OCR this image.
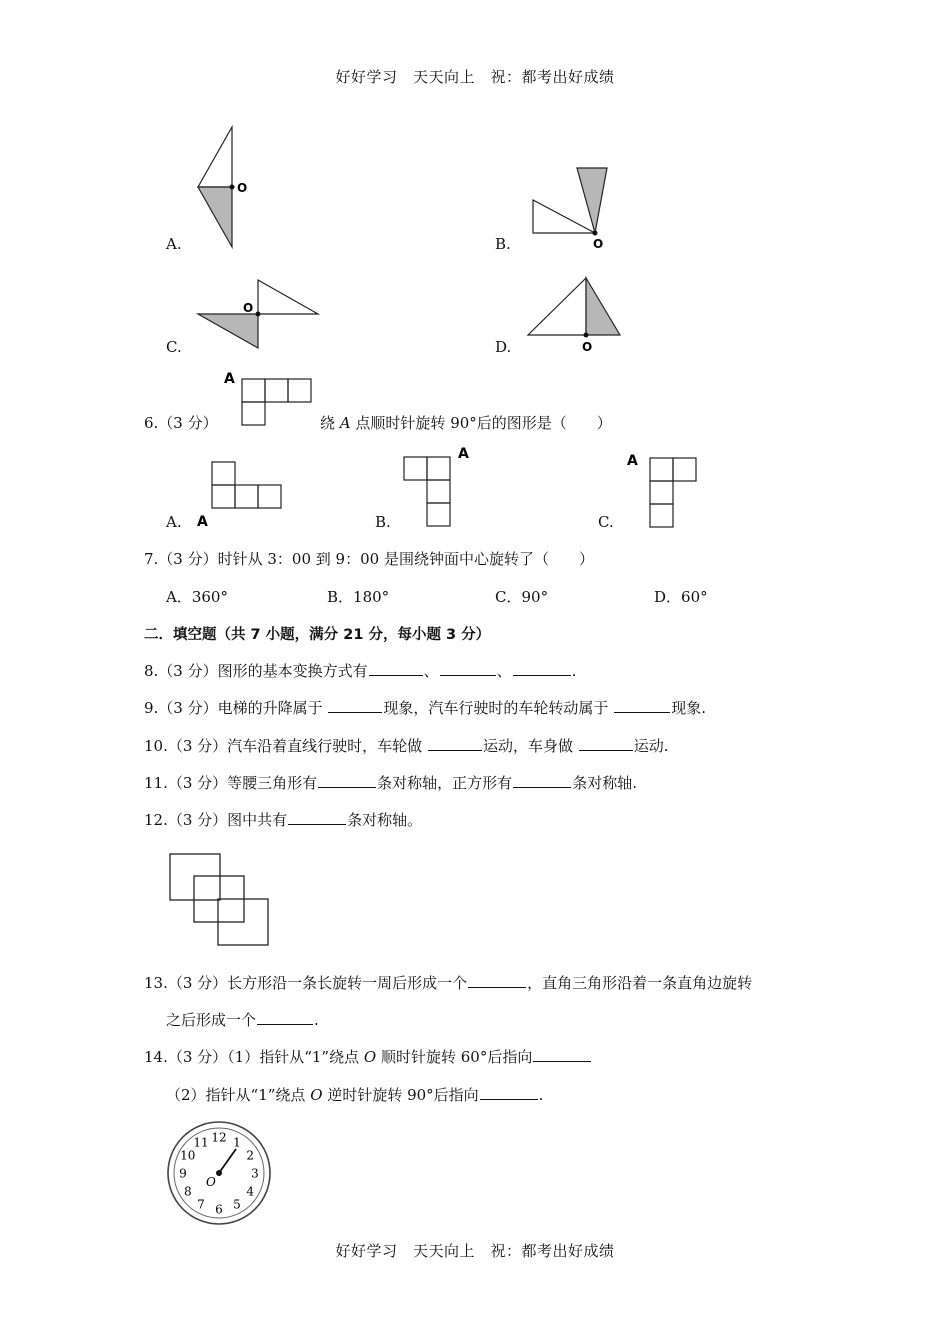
好好学习　天天向上　祝：都考出好成绩
O
A.	O
B.
O
C.	O
D.
6.（3 分）
A
绕 A 点顺时针旋转 90°后的图形是（　　）
A
A.
A
B.
A
C.
7.（3 分）时针从 3：00 到 9：00 是围绕钟面中心旋转了（　　）
A．360°	B．180°	C．90°	D．60°
二．填空题（共 7 小题，满分 21 分，每小题 3 分）
8.（3 分）图形的基本变换方式有	、	、	.
9.（3 分）电梯的升降属于	现象，汽车行驶时的车轮转动属于	现象.
10.（3 分）汽车沿着直线行驶时，车轮做	运动，车身做	运动.
11.（3 分）等腰三角形有	条对称轴，正方形有	条对称轴.
12.（3 分）图中共有	条对称轴。
13.（3 分）长方形沿一条长旋转一周后形成一个	，直角三角形沿着一条直角边旋转
之后形成一个	.
14.（3 分）（1）指针从“1”绕点 O 顺时针旋转 60°后指向
（2）指针从“1”绕点 O 逆时针旋转 90°后指向	.
O
12 1
2
3
4
5
6
7
8
9
10
11
好好学习　天天向上　祝：都考出好成绩
